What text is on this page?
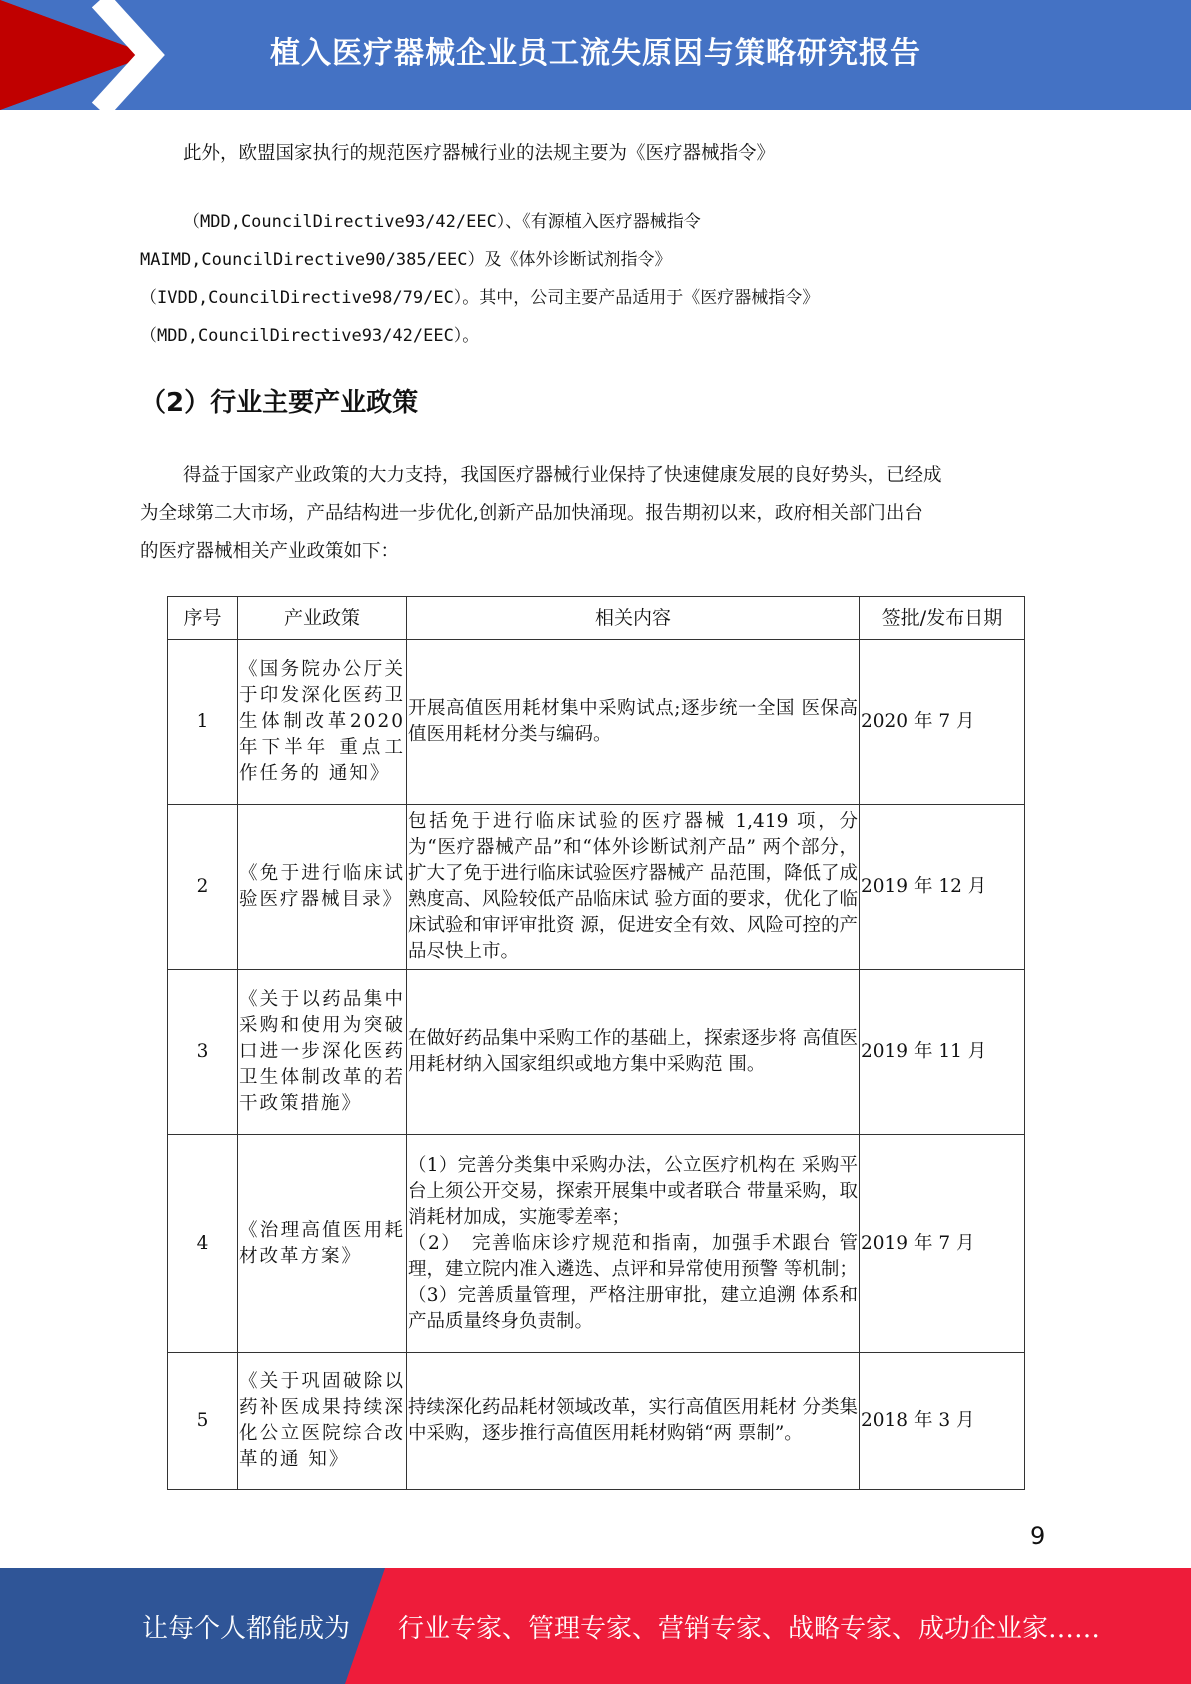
植入医疗器械企业员工流失原因与策略研究报告
此外，欧盟国家执行的规范医疗器械行业的法规主要为《医疗器械指令》
（MDD,CouncilDirective93/42/EEC）、《有源植入医疗器械指令
MAIMD,CouncilDirective90/385/EEC）及《体外诊断试剂指令》
（IVDD,CouncilDirective98/79/EC）。其中，公司主要产品适用于《医疗器械指令》
（MDD,CouncilDirective93/42/EEC）。
（2）行业主要产业政策
得益于国家产业政策的大力支持，我国医疗器械行业保持了快速健康发展的良好势头，已经成
为全球第二大市场，产品结构进一步优化,创新产品加快涌现。报告期初以来，政府相关部门出台
的医疗器械相关产业政策如下：
序号	产业政策	相关内容	签批/发布日期
1	《国务院办公厅关于印发深化医药卫生体制改革2020年下半年 重点工作任务的 通知》	开展高值医用耗材集中采购试点;逐步统一全国 医保高值医用耗材分类与编码。	2020 年 7 月
2	《免于进行临床试验医疗器械目录》	包括免于进行临床试验的医疗器械 1,419 项，分 为“医疗器械产品”和“体外诊断试剂产品” 两个部分，扩大了免于进行临床试验医疗器械产 品范围，降低了成熟度高、风险较低产品临床试 验方面的要求，优化了临床试验和审评审批资 源，促进安全有效、风险可控的产品尽快上市。	2019 年 12 月
3	《关于以药品集中采购和使用为突破口进一步深化医药卫生体制改革的若干政策措施》	在做好药品集中采购工作的基础上，探索逐步将 高值医用耗材纳入国家组织或地方集中采购范 围。	2019 年 11 月
4	《治理高值医用耗材改革方案》	（1）完善分类集中采购办法，公立医疗机构在 采购平台上须公开交易，探索开展集中或者联合 带量采购，取消耗材加成，实施零差率；
（2）　完善临床诊疗规范和指南，加强手术跟台 管理，建立院内准入遴选、点评和异常使用预警 等机制；
（3）完善质量管理，严格注册审批，建立追溯 体系和产品质量终身负责制。	2019 年 7 月
5	《关于巩固破除以药补医成果持续深化公立医院综合改革的通 知》	持续深化药品耗材领域改革，实行高值医用耗材 分类集中采购，逐步推行高值医用耗材购销“两 票制”。	2018 年 3 月
9
让每个人都能成为 行业专家、管理专家、营销专家、战略专家、成功企业家……
